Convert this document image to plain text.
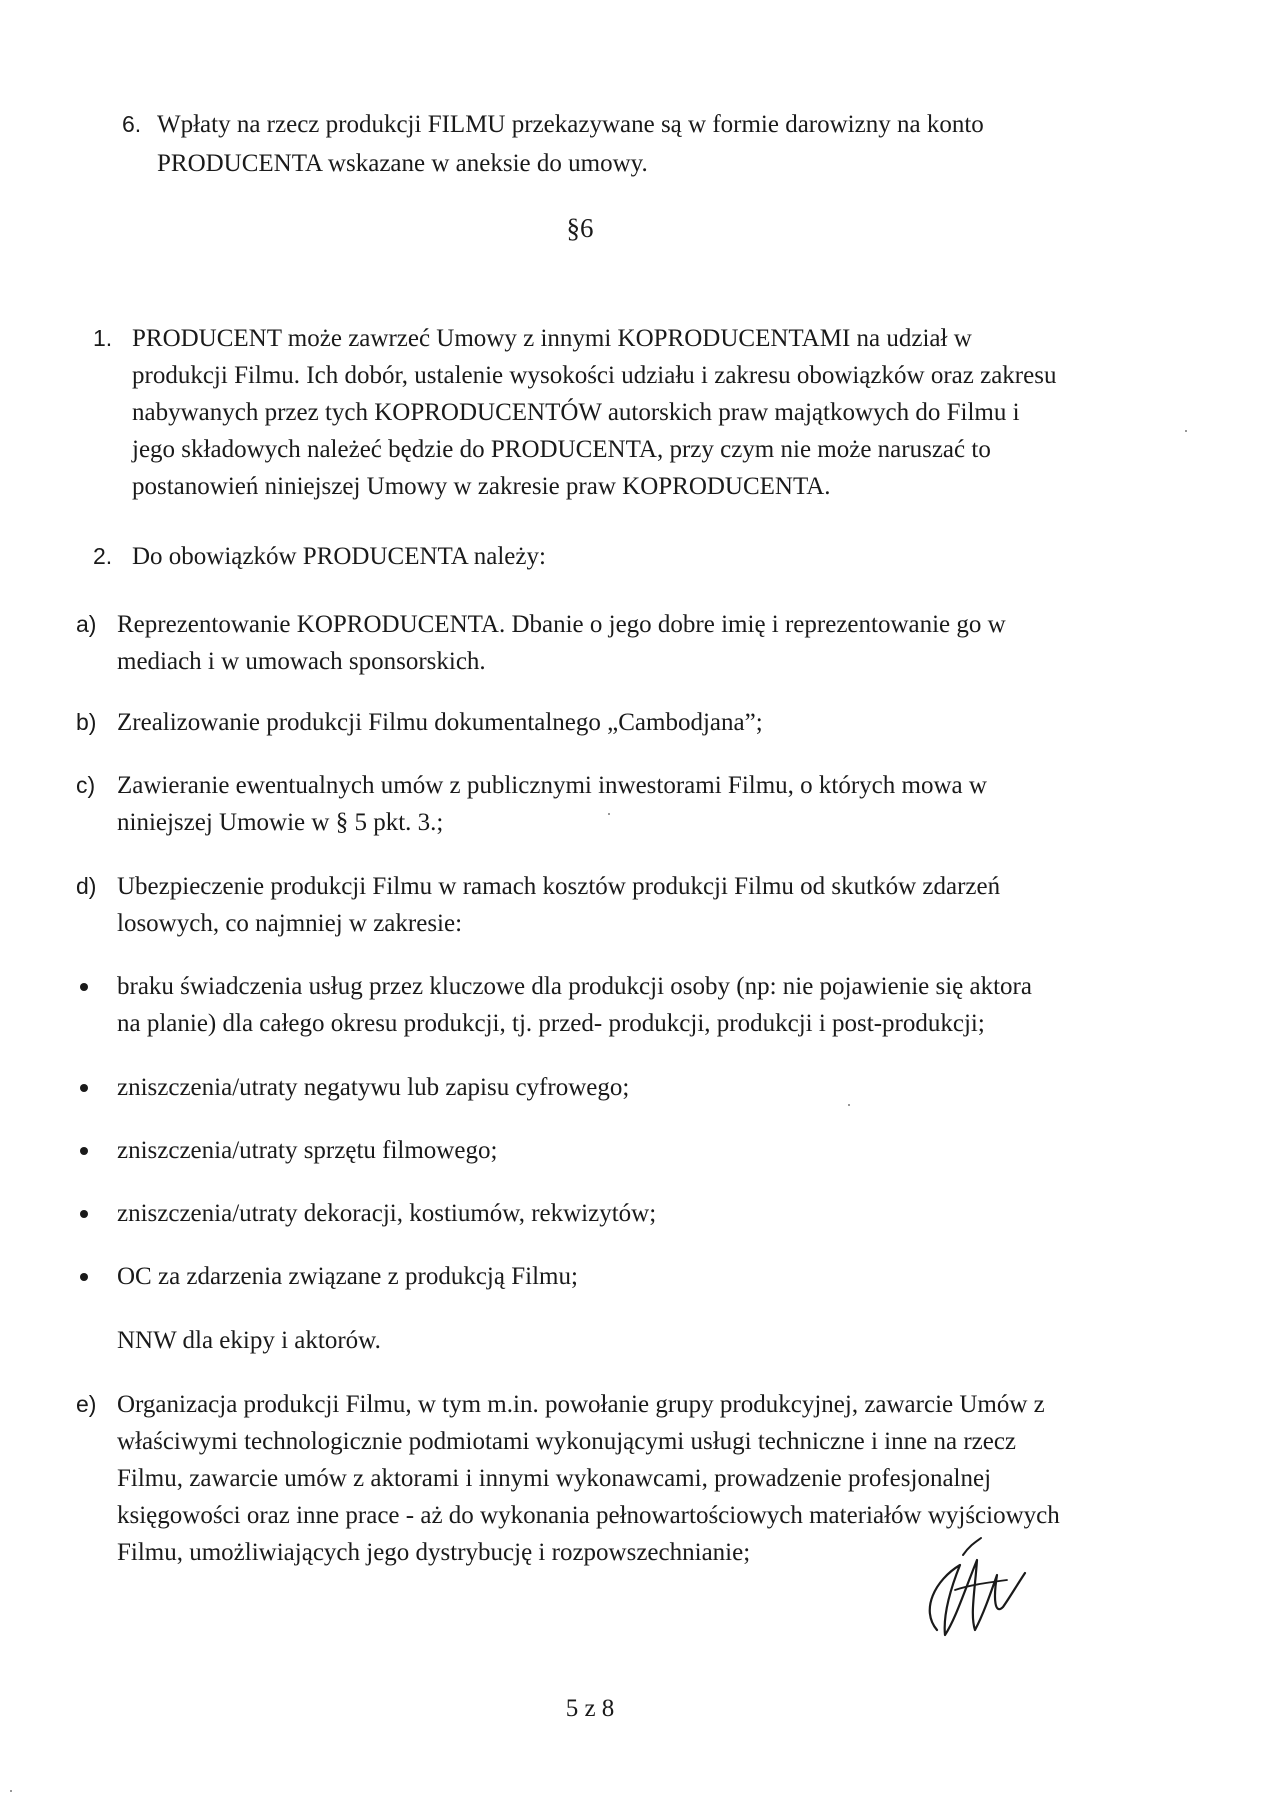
6. Wpłaty na rzecz produkcji FILMU przekazywane są w formie darowizny na konto
PRODUCENTA wskazane w aneksie do umowy.
§6
1. PRODUCENT może zawrzeć Umowy z innymi KOPRODUCENTAMI na udział w
produkcji Filmu. Ich dobór, ustalenie wysokości udziału i zakresu obowiązków oraz zakresu
nabywanych przez tych KOPRODUCENTÓW autorskich praw majątkowych do Filmu i
jego składowych należeć będzie do PRODUCENTA, przy czym nie może naruszać to
postanowień niniejszej Umowy w zakresie praw KOPRODUCENTA.
2. Do obowiązków PRODUCENTA należy:
a) Reprezentowanie KOPRODUCENTA. Dbanie o jego dobre imię i reprezentowanie go w
mediach i w umowach sponsorskich.
b) Zrealizowanie produkcji Filmu dokumentalnego „Cambodjana”;
c) Zawieranie ewentualnych umów z publicznymi inwestorami Filmu, o których mowa w
niniejszej Umowie w § 5 pkt. 3.;
d) Ubezpieczenie produkcji Filmu w ramach kosztów produkcji Filmu od skutków zdarzeń
losowych, co najmniej w zakresie:
braku świadczenia usług przez kluczowe dla produkcji osoby (np: nie pojawienie się aktora
na planie) dla całego okresu produkcji, tj. przed- produkcji, produkcji i post-produkcji;
zniszczenia/utraty negatywu lub zapisu cyfrowego;
zniszczenia/utraty sprzętu filmowego;
zniszczenia/utraty dekoracji, kostiumów, rekwizytów;
OC za zdarzenia związane z produkcją Filmu;
NNW dla ekipy i aktorów.
e) Organizacja produkcji Filmu, w tym m.in. powołanie grupy produkcyjnej, zawarcie Umów z
właściwymi technologicznie podmiotami wykonującymi usługi techniczne i inne na rzecz
Filmu, zawarcie umów z aktorami i innymi wykonawcami, prowadzenie profesjonalnej
księgowości oraz inne prace - aż do wykonania pełnowartościowych materiałów wyjściowych
Filmu, umożliwiających jego dystrybucję i rozpowszechnianie;
5 z 8
